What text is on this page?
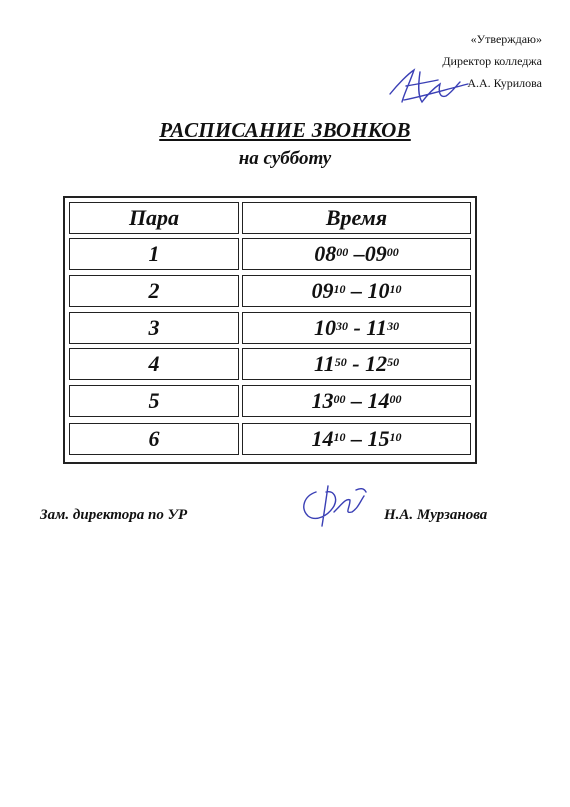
«Утверждаю»
Директор колледжа
А.А. Курилова
РАСПИСАНИЕ ЗВОНКОВ
на субботу
Пара	Время
1	$08^{00} - 09^{00}$
2	$09^{10} - 10^{10}$
3	$10^{30} - 11^{30}$
4	$11^{50} - 12^{50}$
5	$13^{00} - 14^{00}$
6	$14^{10} - 15^{10}$
Зам. директора по УР	Н.А. Мурзанова
